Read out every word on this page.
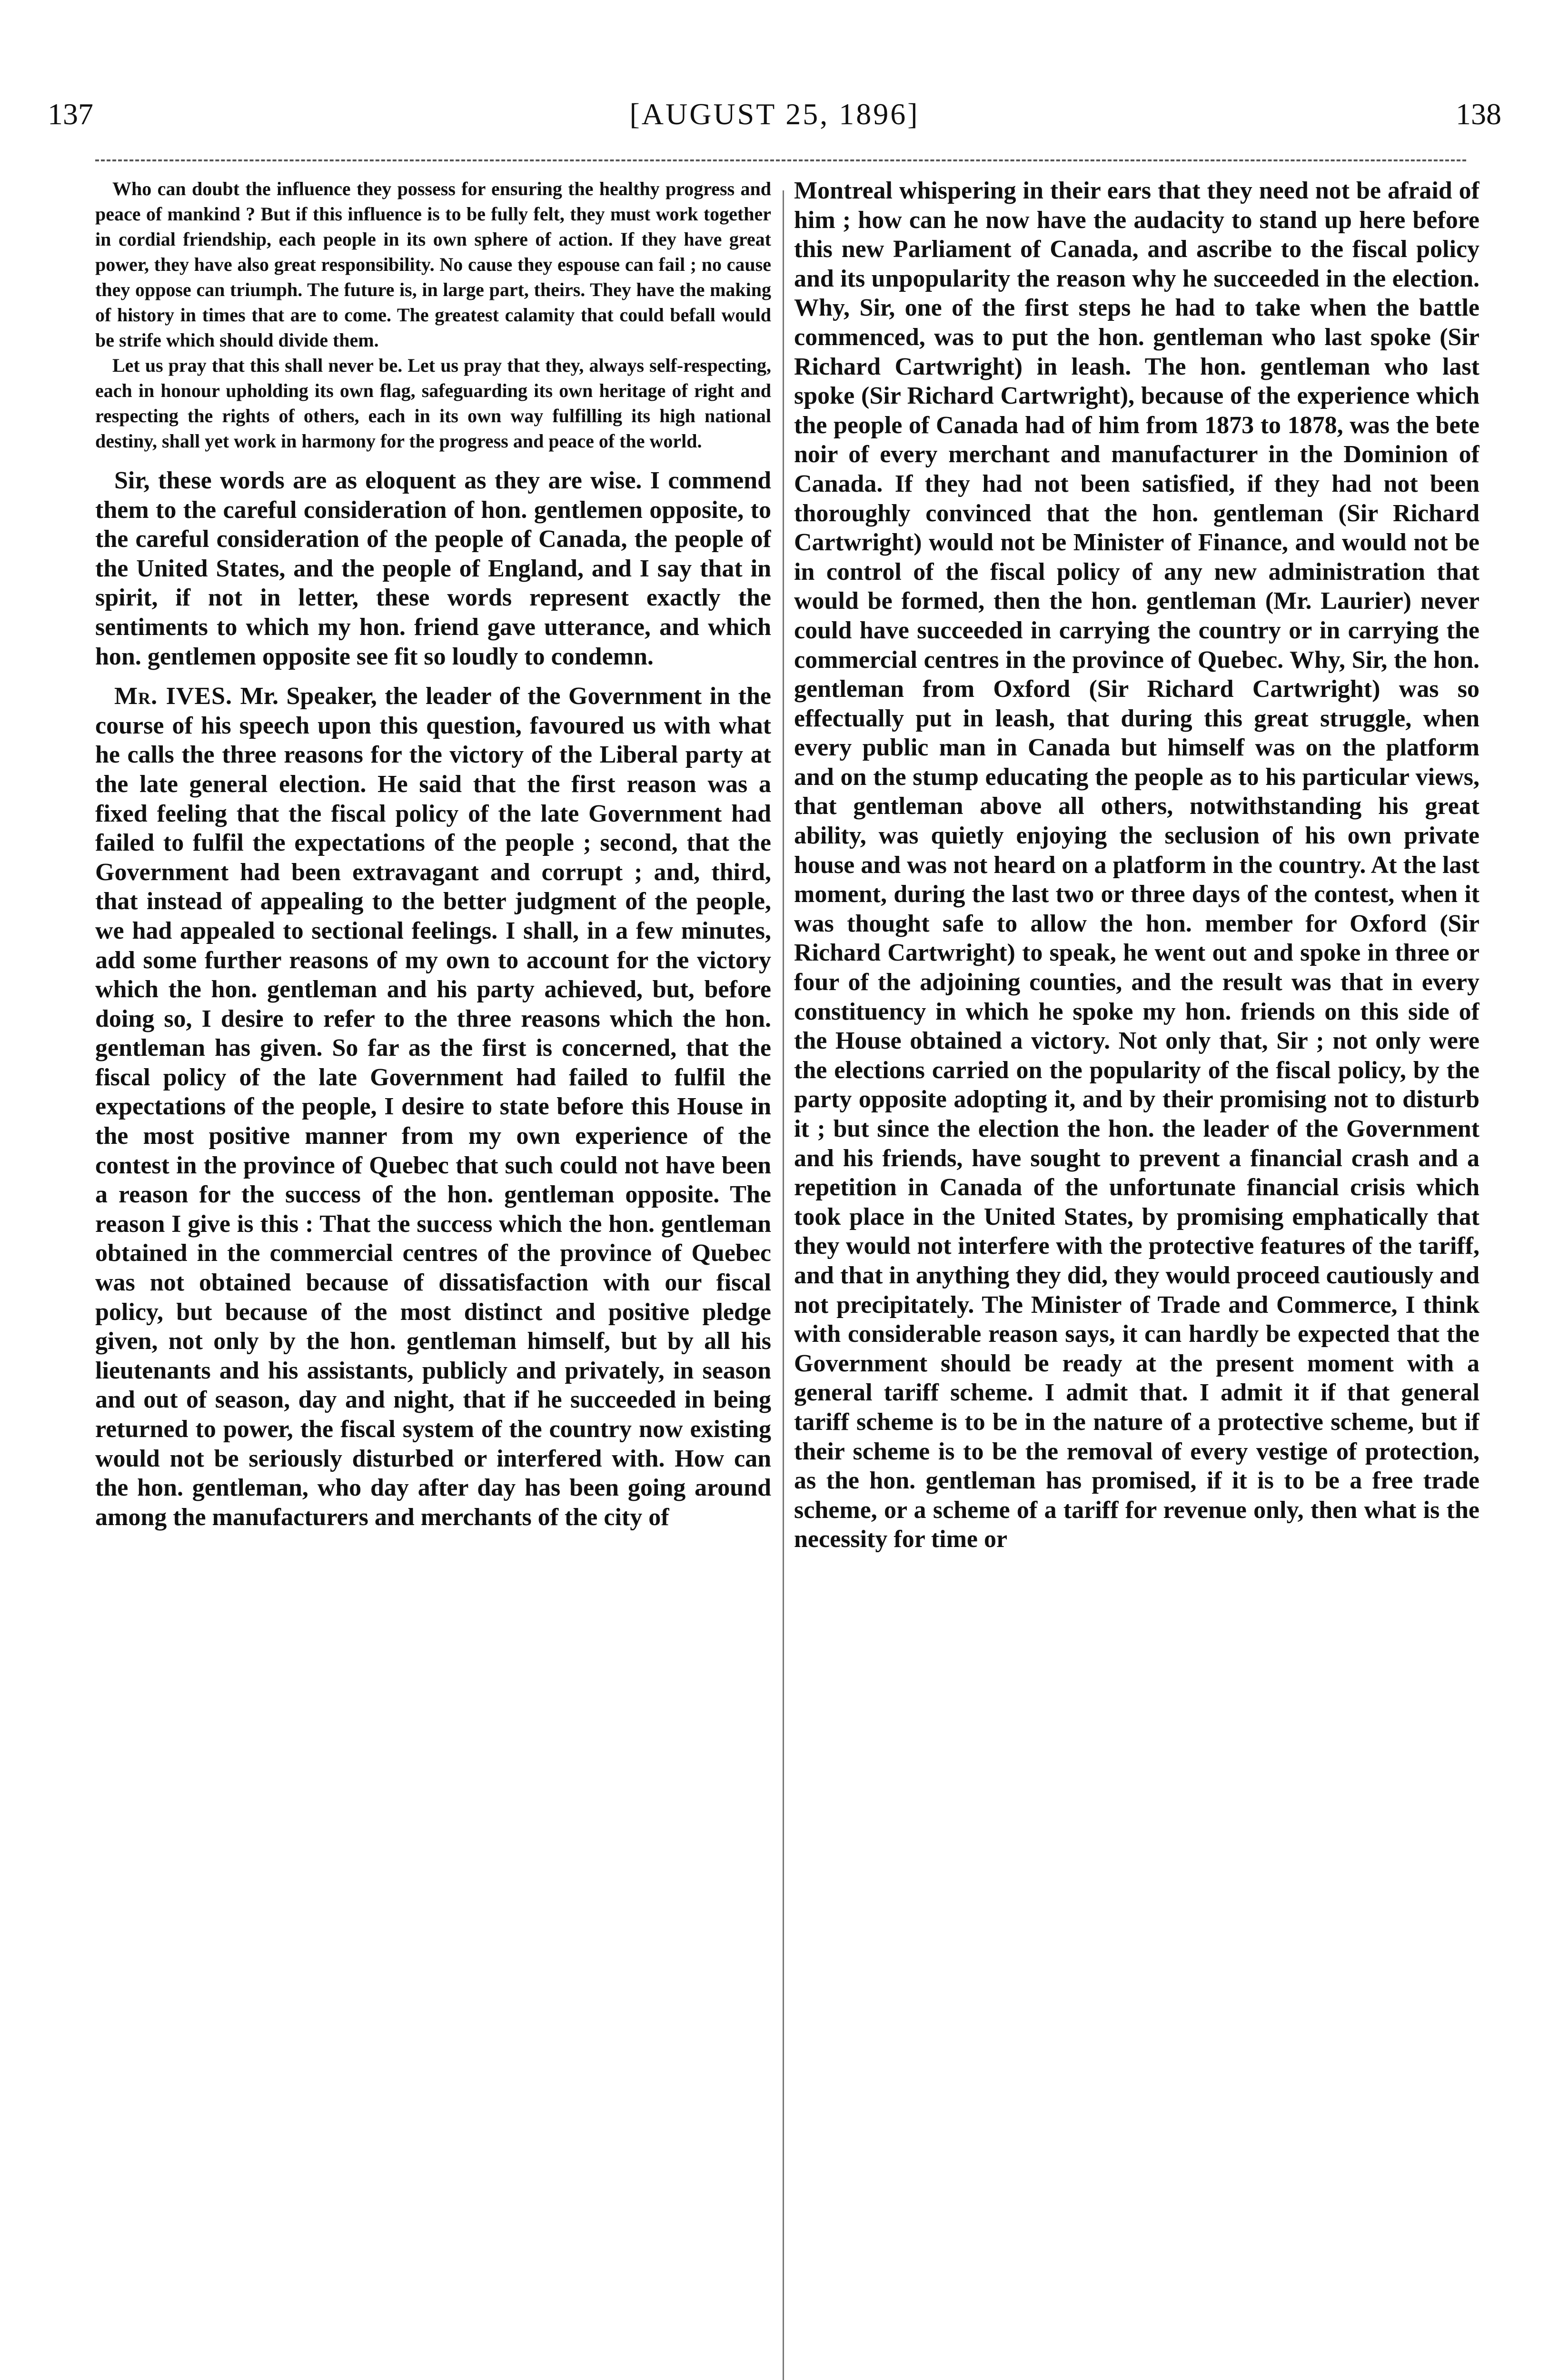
137	[AUGUST 25, 1896]	138

Who can doubt the influence they possess for ensuring the healthy progress and peace of mankind ? But if this influence is to be fully felt, they must work together in cordial friendship, each people in its own sphere of action. If they have great power, they have also great responsibility. No cause they espouse can fail ; no cause they oppose can triumph. The future is, in large part, theirs. They have the making of history in times that are to come. The greatest calamity that could befall would be strife which should divide them.

Let us pray that this shall never be. Let us pray that they, always self-respecting, each in honour upholding its own flag, safeguarding its own heritage of right and respecting the rights of others, each in its own way fulfilling its high national destiny, shall yet work in harmony for the progress and peace of the world.

Sir, these words are as eloquent as they are wise. I commend them to the careful consideration of hon. gentlemen opposite, to the careful consideration of the people of Canada, the people of the United States, and the people of England, and I say that in spirit, if not in letter, these words represent exactly the sentiments to which my hon. friend gave utterance, and which hon. gentlemen opposite see fit so loudly to condemn.

Mr. IVES. Mr. Speaker, the leader of the Government in the course of his speech upon this question, favoured us with what he calls the three reasons for the victory of the Liberal party at the late general election. He said that the first reason was a fixed feeling that the fiscal policy of the late Government had failed to fulfil the expectations of the people ; second, that the Government had been extravagant and corrupt ; and, third, that instead of appealing to the better judgment of the people, we had appealed to sectional feelings. I shall, in a few minutes, add some further reasons of my own to account for the victory which the hon. gentleman and his party achieved, but, before doing so, I desire to refer to the three reasons which the hon. gentleman has given. So far as the first is concerned, that the fiscal policy of the late Government had failed to fulfil the expectations of the people, I desire to state before this House in the most positive manner from my own experience of the contest in the province of Quebec that such could not have been a reason for the success of the hon. gentleman opposite. The reason I give is this : That the success which the hon. gentleman obtained in the commercial centres of the province of Quebec was not obtained because of dissatisfaction with our fiscal policy, but because of the most distinct and positive pledge given, not only by the hon. gentleman himself, but by all his lieutenants and his assistants, publicly and privately, in season and out of season, day and night, that if he succeeded in being returned to power, the fiscal system of the country now existing would not be seriously disturbed or interfered with. How can the hon. gentleman, who day after day has been going around among the manufacturers and merchants of the city of

Montreal whispering in their ears that they need not be afraid of him ; how can he now have the audacity to stand up here before this new Parliament of Canada, and ascribe to the fiscal policy and its unpopularity the reason why he succeeded in the election. Why, Sir, one of the first steps he had to take when the battle commenced, was to put the hon. gentleman who last spoke (Sir Richard Cartwright) in leash. The hon. gentleman who last spoke (Sir Richard Cartwright), because of the experience which the people of Canada had of him from 1873 to 1878, was the bete noir of every merchant and manufacturer in the Dominion of Canada. If they had not been satisfied, if they had not been thoroughly convinced that the hon. gentleman (Sir Richard Cartwright) would not be Minister of Finance, and would not be in control of the fiscal policy of any new administration that would be formed, then the hon. gentleman (Mr. Laurier) never could have succeeded in carrying the country or in carrying the commercial centres in the province of Quebec. Why, Sir, the hon. gentleman from Oxford (Sir Richard Cartwright) was so effectually put in leash, that during this great struggle, when every public man in Canada but himself was on the platform and on the stump educating the people as to his particular views, that gentleman above all others, notwithstanding his great ability, was quietly enjoying the seclusion of his own private house and was not heard on a platform in the country. At the last moment, during the last two or three days of the contest, when it was thought safe to allow the hon. member for Oxford (Sir Richard Cartwright) to speak, he went out and spoke in three or four of the adjoining counties, and the result was that in every constituency in which he spoke my hon. friends on this side of the House obtained a victory. Not only that, Sir ; not only were the elections carried on the popularity of the fiscal policy, by the party opposite adopting it, and by their promising not to disturb it ; but since the election the hon. the leader of the Government and his friends, have sought to prevent a financial crash and a repetition in Canada of the unfortunate financial crisis which took place in the United States, by promising emphatically that they would not interfere with the protective features of the tariff, and that in anything they did, they would proceed cautiously and not precipitately. The Minister of Trade and Commerce, I think with considerable reason says, it can hardly be expected that the Government should be ready at the present moment with a general tariff scheme. I admit that. I admit it if that general tariff scheme is to be in the nature of a protective scheme, but if their scheme is to be the removal of every vestige of protection, as the hon. gentleman has promised, if it is to be a free trade scheme, or a scheme of a tariff for revenue only, then what is the necessity for time or
